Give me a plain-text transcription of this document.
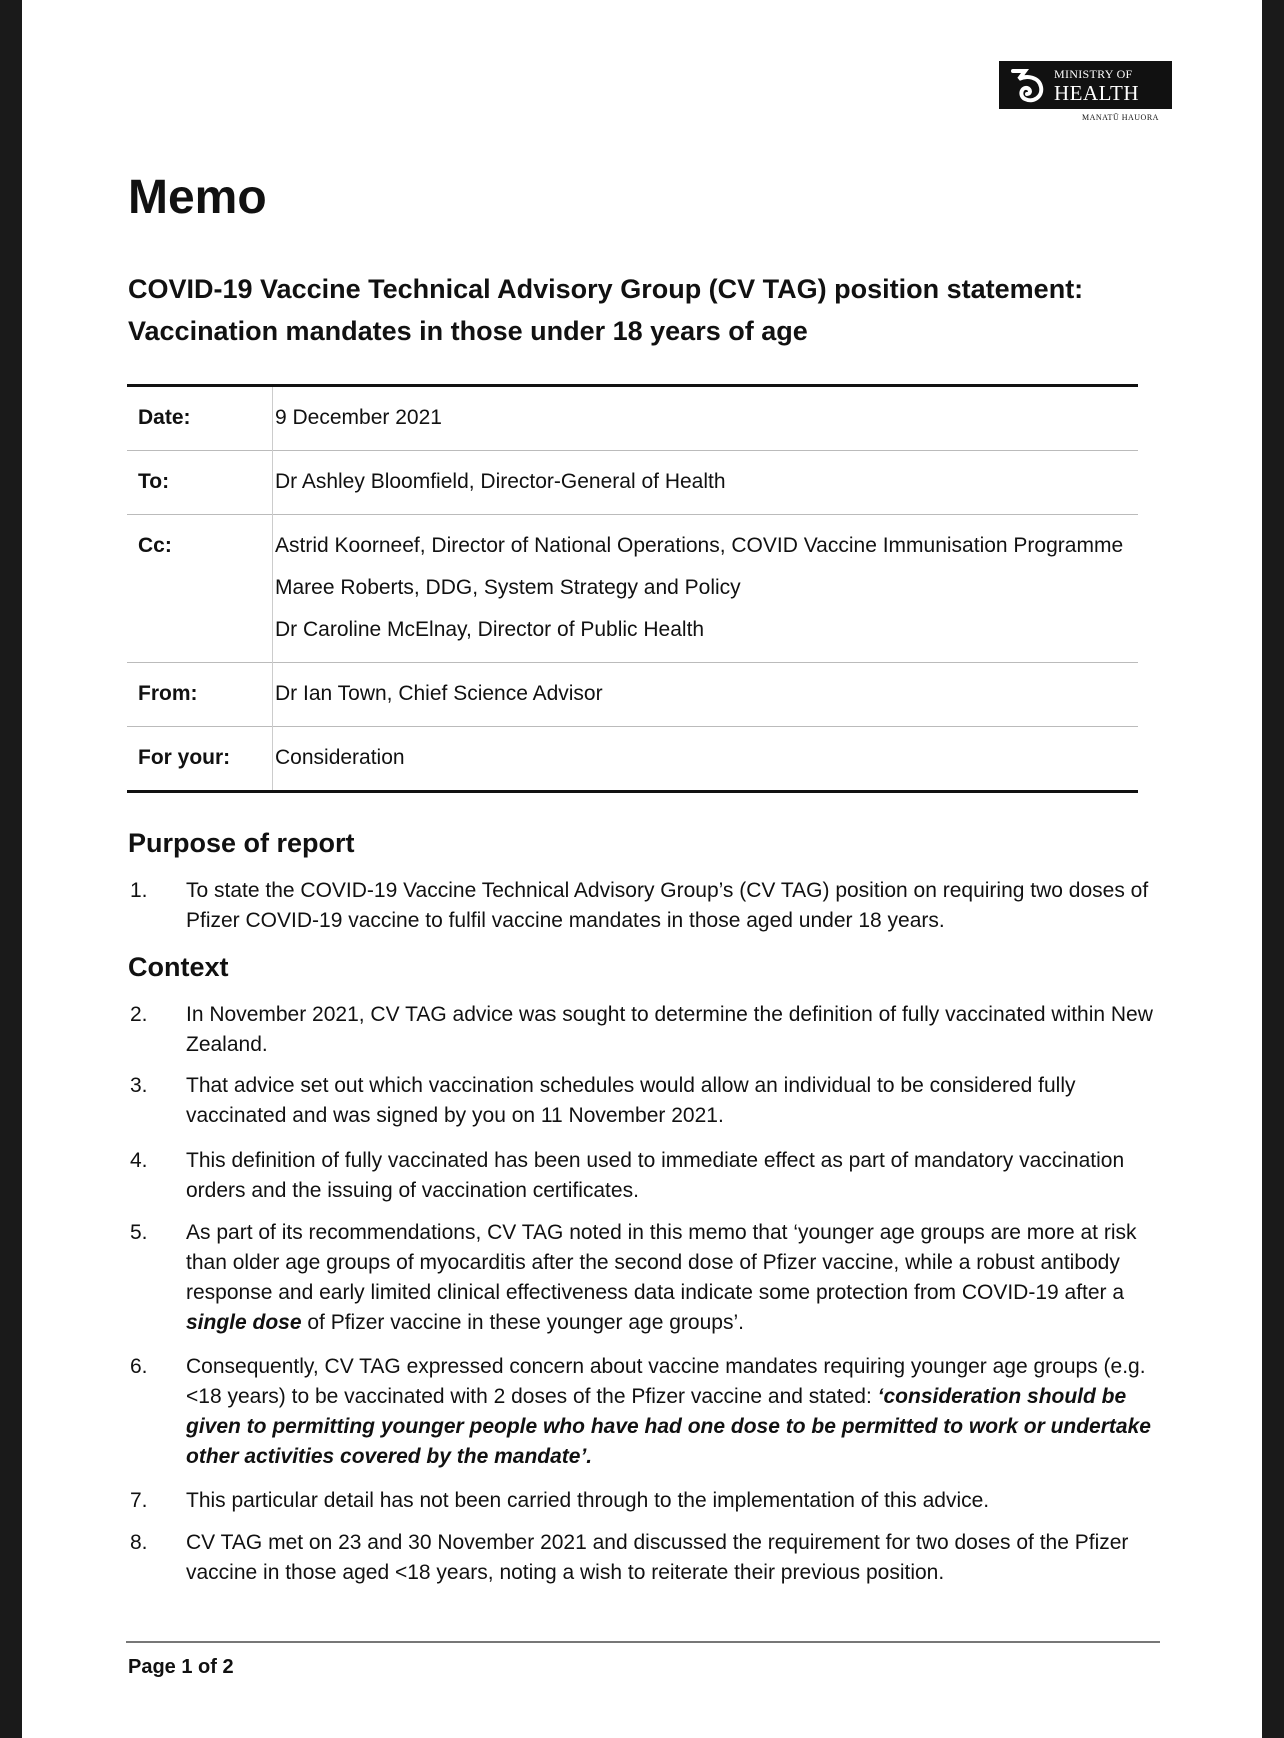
MINISTRY OF
HEALTH
MANATŪ HAUORA
Memo
COVID-19 Vaccine Technical Advisory Group (CV TAG) position statement: Vaccination mandates in those under 18 years of age
Date:	9 December 2021
To:	Dr Ashley Bloomfield, Director-General of Health
Cc:	Astrid Koorneef, Director of National Operations, COVID Vaccine Immunisation Programme

Maree Roberts, DDG, System Strategy and Policy

Dr Caroline McElnay, Director of Public Health

From:	Dr Ian Town, Chief Science Advisor
For your:	Consideration
Purpose of report
1.	To state the COVID-19 Vaccine Technical Advisory Group’s (CV TAG) position on requiring two doses of Pfizer COVID-19 vaccine to fulfil vaccine mandates in those aged under 18 years.
Context
2.	In November 2021, CV TAG advice was sought to determine the definition of fully vaccinated within New Zealand.
3.	That advice set out which vaccination schedules would allow an individual to be considered fully vaccinated and was signed by you on 11 November 2021.
4.	This definition of fully vaccinated has been used to immediate effect as part of mandatory vaccination orders and the issuing of vaccination certificates.
5.	As part of its recommendations, CV TAG noted in this memo that ‘younger age groups are more at risk than older age groups of myocarditis after the second dose of Pfizer vaccine, while a robust antibody response and early limited clinical effectiveness data indicate some protection from COVID-19 after a single dose of Pfizer vaccine in these younger age groups’.
6.	Consequently, CV TAG expressed concern about vaccine mandates requiring younger age groups (e.g. <18 years) to be vaccinated with 2 doses of the Pfizer vaccine and stated: ‘consideration should be given to permitting younger people who have had one dose to be permitted to work or undertake other activities covered by the mandate’.
7.	This particular detail has not been carried through to the implementation of this advice.
8.	CV TAG met on 23 and 30 November 2021 and discussed the requirement for two doses of the Pfizer vaccine in those aged <18 years, noting a wish to reiterate their previous position.
Page 1 of 2
